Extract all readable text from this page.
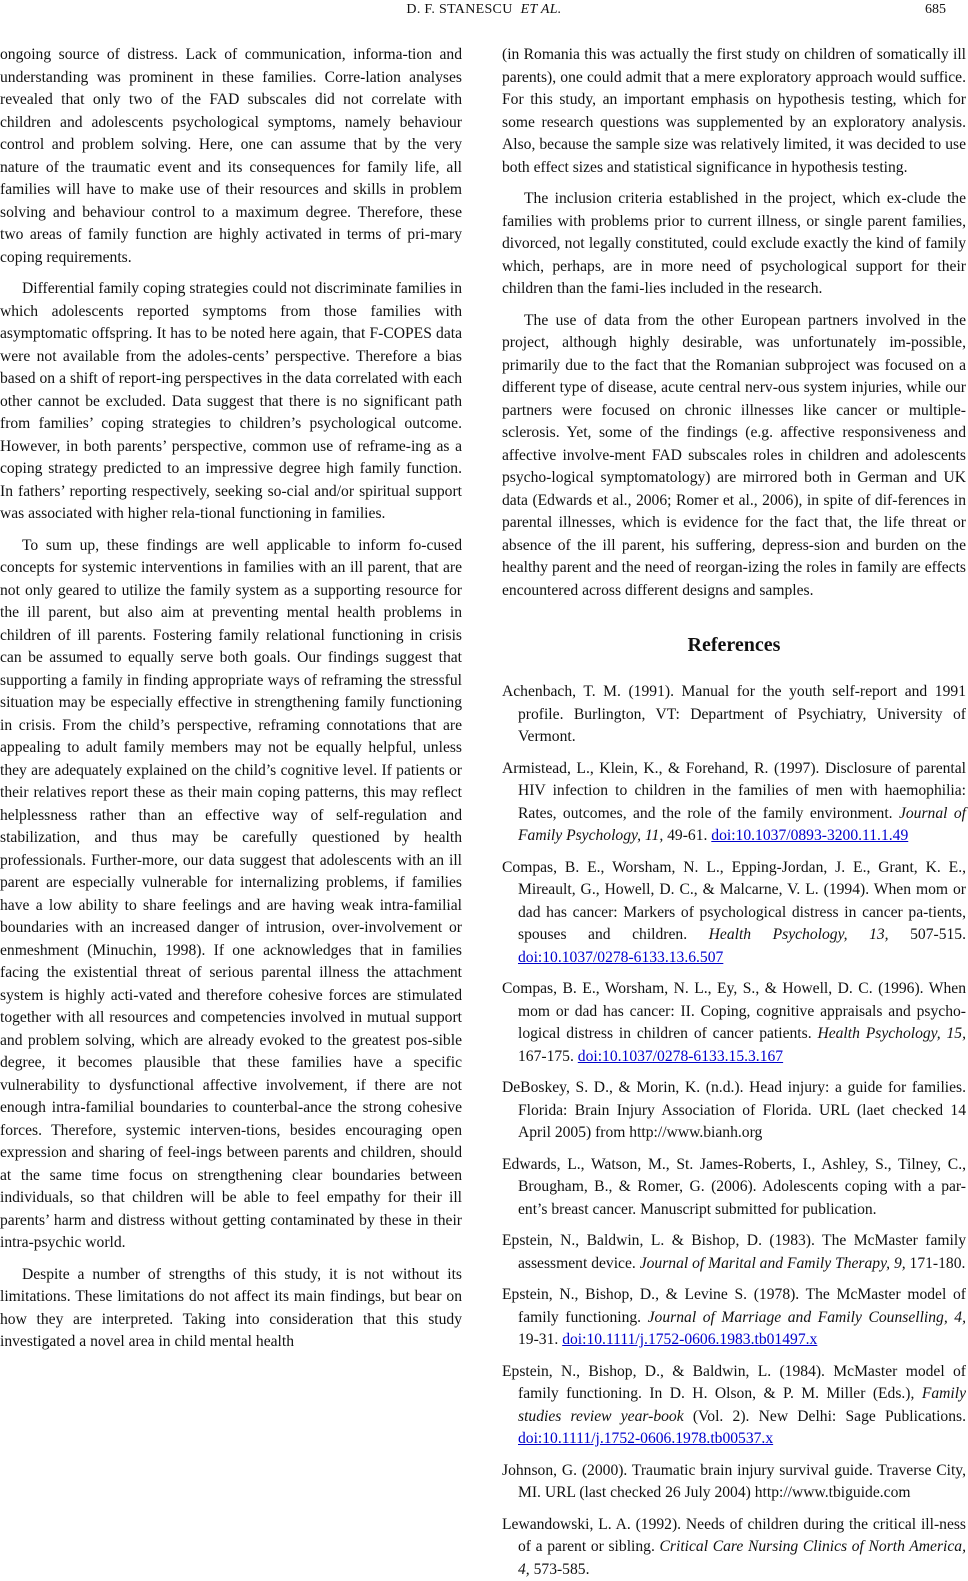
D. F. STANESCU ET AL.	685

ongoing source of distress. Lack of communication, informa-tion and understanding was prominent in these families. Corre-lation analyses revealed that only two of the FAD subscales did not correlate with children and adolescents psychological symptoms, namely behaviour control and problem solving. Here, one can assume that by the very nature of the traumatic event and its consequences for family life, all families will have to make use of their resources and skills in problem solving and behaviour control to a maximum degree. Therefore, these two areas of family function are highly activated in terms of pri-mary coping requirements.

Differential family coping strategies could not discriminate families in which adolescents reported symptoms from those families with asymptomatic offspring. It has to be noted here again, that F-COPES data were not available from the adoles-cents’ perspective. Therefore a bias based on a shift of report-ing perspectives in the data correlated with each other cannot be excluded. Data suggest that there is no significant path from families’ coping strategies to children’s psychological outcome. However, in both parents’ perspective, common use of reframe-ing as a coping strategy predicted to an impressive degree high family function. In fathers’ reporting respectively, seeking so-cial and/or spiritual support was associated with higher rela-tional functioning in families.

To sum up, these findings are well applicable to inform fo-cused concepts for systemic interventions in families with an ill parent, that are not only geared to utilize the family system as a supporting resource for the ill parent, but also aim at preventing mental health problems in children of ill parents. Fostering family relational functioning in crisis can be assumed to equally serve both goals. Our findings suggest that supporting a family in finding appropriate ways of reframing the stressful situation may be especially effective in strengthening family functioning in crisis. From the child’s perspective, reframing connotations that are appealing to adult family members may not be equally helpful, unless they are adequately explained on the child’s cognitive level. If patients or their relatives report these as their main coping patterns, this may reflect helplessness rather than an effective way of self-regulation and stabilization, and thus may be carefully questioned by health professionals. Further-more, our data suggest that adolescents with an ill parent are especially vulnerable for internalizing problems, if families have a low ability to share feelings and are having weak intra-familial boundaries with an increased danger of intrusion, over-involvement or enmeshment (Minuchin, 1998). If one acknowledges that in families facing the existential threat of serious parental illness the attachment system is highly acti-vated and therefore cohesive forces are stimulated together with all resources and competencies involved in mutual support and problem solving, which are already evoked to the greatest pos-sible degree, it becomes plausible that these families have a specific vulnerability to dysfunctional affective involvement, if there are not enough intra-familial boundaries to counterbal-ance the strong cohesive forces. Therefore, systemic interven-tions, besides encouraging open expression and sharing of feel-ings between parents and children, should at the same time focus on strengthening clear boundaries between individuals, so that children will be able to feel empathy for their ill parents’ harm and distress without getting contaminated by these in their intra-psychic world.

Despite a number of strengths of this study, it is not without its limitations. These limitations do not affect its main findings, but bear on how they are interpreted. Taking into consideration that this study investigated a novel area in child mental health

(in Romania this was actually the first study on children of somatically ill parents), one could admit that a mere exploratory approach would suffice. For this study, an important emphasis on hypothesis testing, which for some research questions was supplemented by an exploratory analysis. Also, because the sample size was relatively limited, it was decided to use both effect sizes and statistical significance in hypothesis testing.

The inclusion criteria established in the project, which ex-clude the families with problems prior to current illness, or single parent families, divorced, not legally constituted, could exclude exactly the kind of family which, perhaps, are in more need of psychological support for their children than the fami-lies included in the research.

The use of data from the other European partners involved in the project, although highly desirable, was unfortunately im-possible, primarily due to the fact that the Romanian subproject was focused on a different type of disease, acute central nerv-ous system injuries, while our partners were focused on chronic illnesses like cancer or multiple-sclerosis. Yet, some of the findings (e.g. affective responsiveness and affective involve-ment FAD subscales roles in children and adolescents psycho-logical symptomatology) are mirrored both in German and UK data (Edwards et al., 2006; Romer et al., 2006), in spite of dif-ferences in parental illnesses, which is evidence for the fact that, the life threat or absence of the ill parent, his suffering, depress-sion and burden on the healthy parent and the need of reorgan-izing the roles in family are effects encountered across different designs and samples.

References

Achenbach, T. M. (1991). Manual for the youth self-report and 1991 profile. Burlington, VT: Department of Psychiatry, University of Vermont.

Armistead, L., Klein, K., & Forehand, R. (1997). Disclosure of parental HIV infection to children in the families of men with haemophilia: Rates, outcomes, and the role of the family environment. Journal of Family Psychology, 11, 49-61. doi:10.1037/0893-3200.11.1.49

Compas, B. E., Worsham, N. L., Epping-Jordan, J. E., Grant, K. E., Mireault, G., Howell, D. C., & Malcarne, V. L. (1994). When mom or dad has cancer: Markers of psychological distress in cancer pa-tients, spouses and children. Health Psychology, 13, 507-515. doi:10.1037/0278-6133.13.6.507

Compas, B. E., Worsham, N. L., Ey, S., & Howell, D. C. (1996). When mom or dad has cancer: II. Coping, cognitive appraisals and psycho-logical distress in children of cancer patients. Health Psychology, 15, 167-175. doi:10.1037/0278-6133.15.3.167

DeBoskey, S. D., & Morin, K. (n.d.). Head injury: a guide for families. Florida: Brain Injury Association of Florida. URL (laet checked 14 April 2005) from http://www.bianh.org

Edwards, L., Watson, M., St. James-Roberts, I., Ashley, S., Tilney, C., Brougham, B., & Romer, G. (2006). Adolescents coping with a par-ent’s breast cancer. Manuscript submitted for publication.

Epstein, N., Baldwin, L. & Bishop, D. (1983). The McMaster family assessment device. Journal of Marital and Family Therapy, 9, 171-180.

Epstein, N., Bishop, D., & Levine S. (1978). The McMaster model of family functioning. Journal of Marriage and Family Counselling, 4, 19-31. doi:10.1111/j.1752-0606.1983.tb01497.x

Epstein, N., Bishop, D., & Baldwin, L. (1984). McMaster model of family functioning. In D. H. Olson, & P. M. Miller (Eds.), Family studies review year-book (Vol. 2). New Delhi: Sage Publications. doi:10.1111/j.1752-0606.1978.tb00537.x

Johnson, G. (2000). Traumatic brain injury survival guide. Traverse City, MI. URL (last checked 26 July 2004) http://www.tbiguide.com

Lewandowski, L. A. (1992). Needs of children during the critical ill-ness of a parent or sibling. Critical Care Nursing Clinics of North America, 4, 573-585.
